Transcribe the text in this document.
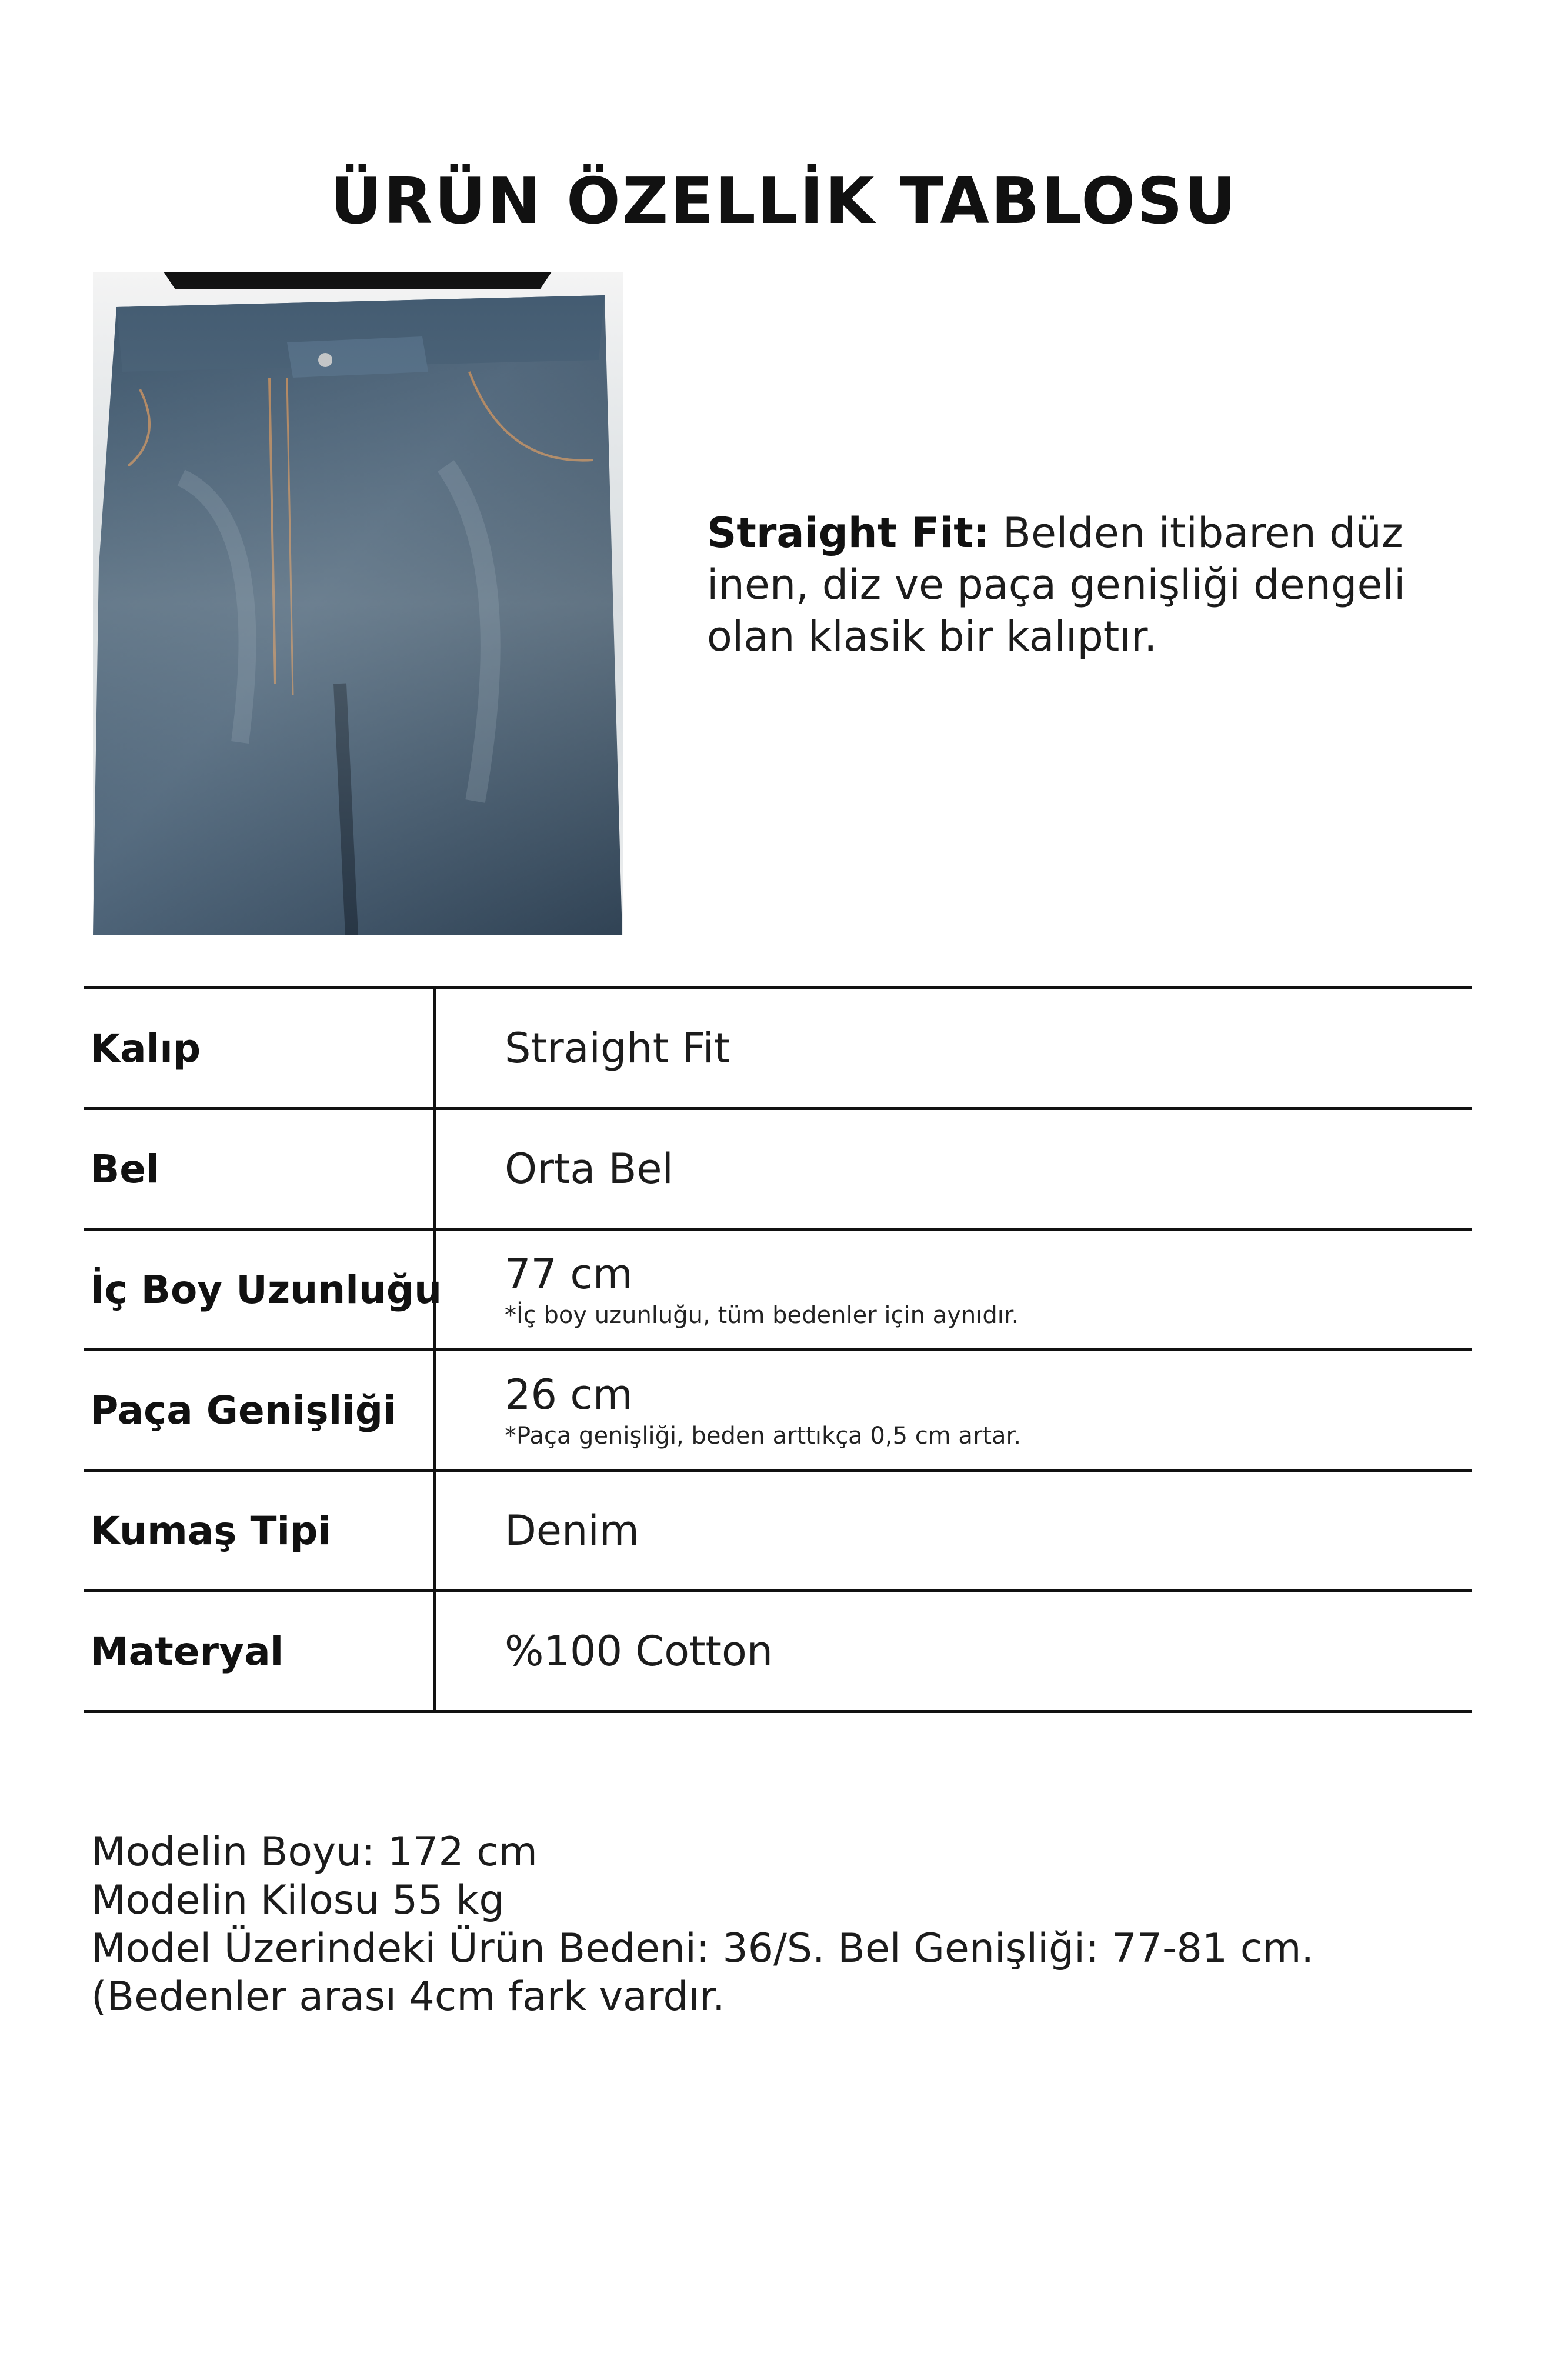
ÜRÜN ÖZELLİK TABLOSU
Straight Fit: Belden itibaren düz inen, diz ve paça genişliği dengeli olan klasik bir kalıptır.
Kalıp	Straight Fit
Bel	Orta Bel
İç Boy Uzunluğu 77 cm
*İç boy uzunluğu, tüm bedenler için aynıdır.
Paça Genişliği	26 cm
*Paça genişliği, beden arttıkça 0,5 cm artar.
Kumaş Tipi	Denim
Materyal	%100 Cotton
Modelin Boyu: 172 cm
Modelin Kilosu 55 kg
Model Üzerindeki Ürün Bedeni: 36/S. Bel Genişliği: 77-81 cm. (Bedenler arası 4cm fark vardır.
